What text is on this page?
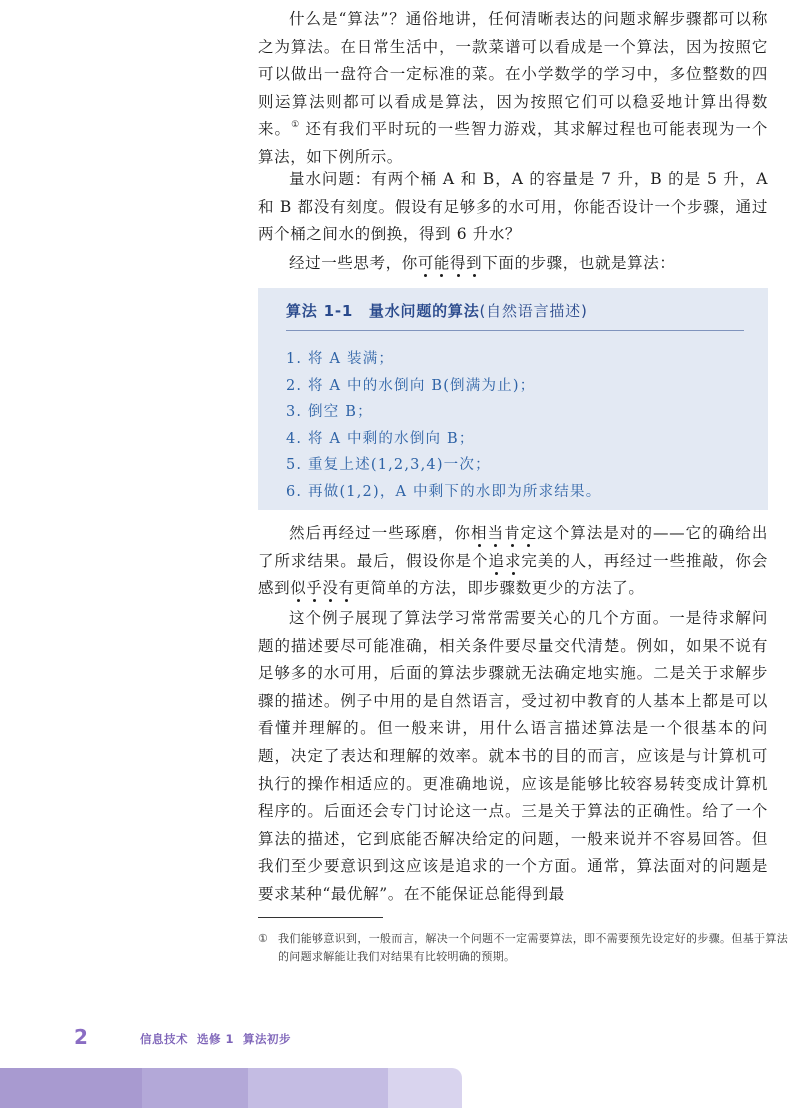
什么是“算法”？通俗地讲，任何清晰表达的问题求解步骤都可以称之为算法。在日常生活中，一款菜谱可以看成是一个算法，因为按照它可以做出一盘符合一定标准的菜。在小学数学的学习中，多位整数的四则运算法则都可以看成是算法，因为按照它们可以稳妥地计算出得数来。① 还有我们平时玩的一些智力游戏，其求解过程也可能表现为一个算法，如下例所示。

量水问题：有两个桶 A 和 B，A 的容量是 7 升，B 的是 5 升，A 和 B 都没有刻度。假设有足够多的水可用，你能否设计一个步骤，通过两个桶之间水的倒换，得到 6 升水？

经过一些思考，你可能得到下面的步骤，也就是算法：

算法 1-1　量水问题的算法(自然语言描述)
1. 将 A 装满；
2. 将 A 中的水倒向 B(倒满为止)；
3. 倒空 B；
4. 将 A 中剩的水倒向 B；
5. 重复上述(1,2,3,4)一次；
6. 再做(1,2)，A 中剩下的水即为所求结果。

然后再经过一些琢磨，你相当肯定这个算法是对的——它的确给出了所求结果。最后，假设你是个追求完美的人，再经过一些推敲，你会感到似乎没有更简单的方法，即步骤数更少的方法了。

这个例子展现了算法学习常常需要关心的几个方面。一是待求解问题的描述要尽可能准确，相关条件要尽量交代清楚。例如，如果不说有足够多的水可用，后面的算法步骤就无法确定地实施。二是关于求解步骤的描述。例子中用的是自然语言，受过初中教育的人基本上都是可以看懂并理解的。但一般来讲，用什么语言描述算法是一个很基本的问题，决定了表达和理解的效率。就本书的目的而言，应该是与计算机可执行的操作相适应的。更准确地说，应该是能够比较容易转变成计算机程序的。后面还会专门讨论这一点。三是关于算法的正确性。给了一个算法的描述，它到底能否解决给定的问题，一般来说并不容易回答。但我们至少要意识到这应该是追求的一个方面。通常，算法面对的问题是要求某种“最优解”。在不能保证总能得到最

① 我们能够意识到，一般而言，解决一个问题不一定需要算法，即不需要预先设定好的步骤。但基于算法的问题求解能让我们对结果有比较明确的预期。

2	信息技术 选修 1 算法初步
